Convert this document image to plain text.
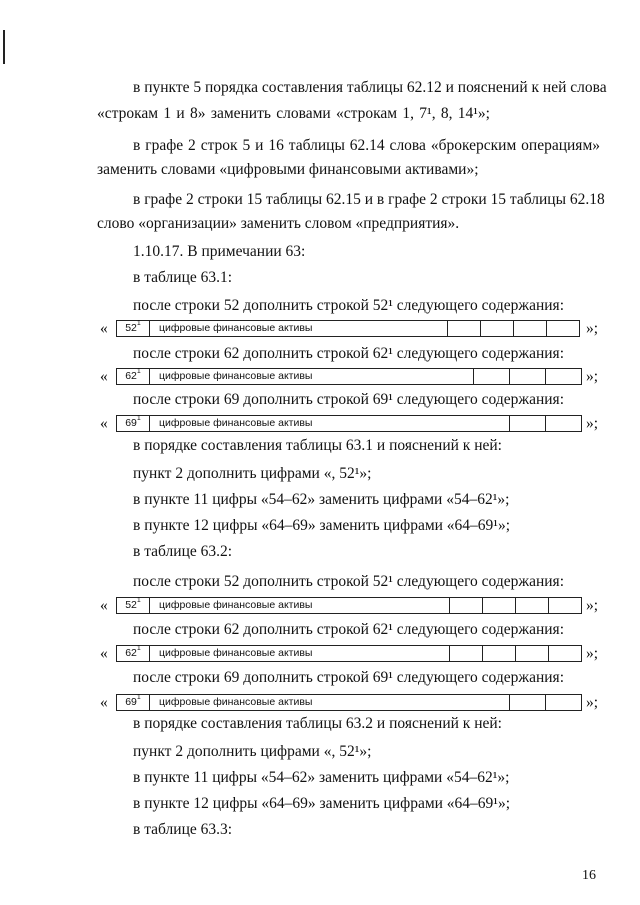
в пункте 5 порядка составления таблицы 62.12 и пояснений к ней слова
«строкам 1 и 8» заменить словами «строкам 1, 7¹, 8, 14¹»;
в графе 2 строк 5 и 16 таблицы 62.14 слова «брокерским операциям»
заменить словами «цифровыми финансовыми активами»;
в графе 2 строки 15 таблицы 62.15 и в графе 2 строки 15 таблицы 62.18
слово «организации» заменить словом «предприятия».
1.10.17. В примечании 63:
в таблице 63.1:
после строки 52 дополнить строкой 52¹ следующего содержания:
«	$52^1$	цифровые финансовые активы	»;
после строки 62 дополнить строкой 62¹ следующего содержания:
«	$62^1$	цифровые финансовые активы	»;
после строки 69 дополнить строкой 69¹ следующего содержания:
«	$69^1$	цифровые финансовые активы	»;
в порядке составления таблицы 63.1 и пояснений к ней:
пункт 2 дополнить цифрами «, 52¹»;
в пункте 11 цифры «54–62» заменить цифрами «54–62¹»;
в пункте 12 цифры «64–69» заменить цифрами «64–69¹»;
в таблице 63.2:
после строки 52 дополнить строкой 52¹ следующего содержания:
«	$52^1$	цифровые финансовые активы	»;
после строки 62 дополнить строкой 62¹ следующего содержания:
«	$62^1$	цифровые финансовые активы	»;
после строки 69 дополнить строкой 69¹ следующего содержания:
«	$69^1$	цифровые финансовые активы	»;
в порядке составления таблицы 63.2 и пояснений к ней:
пункт 2 дополнить цифрами «, 52¹»;
в пункте 11 цифры «54–62» заменить цифрами «54–62¹»;
в пункте 12 цифры «64–69» заменить цифрами «64–69¹»;
в таблице 63.3:
16
